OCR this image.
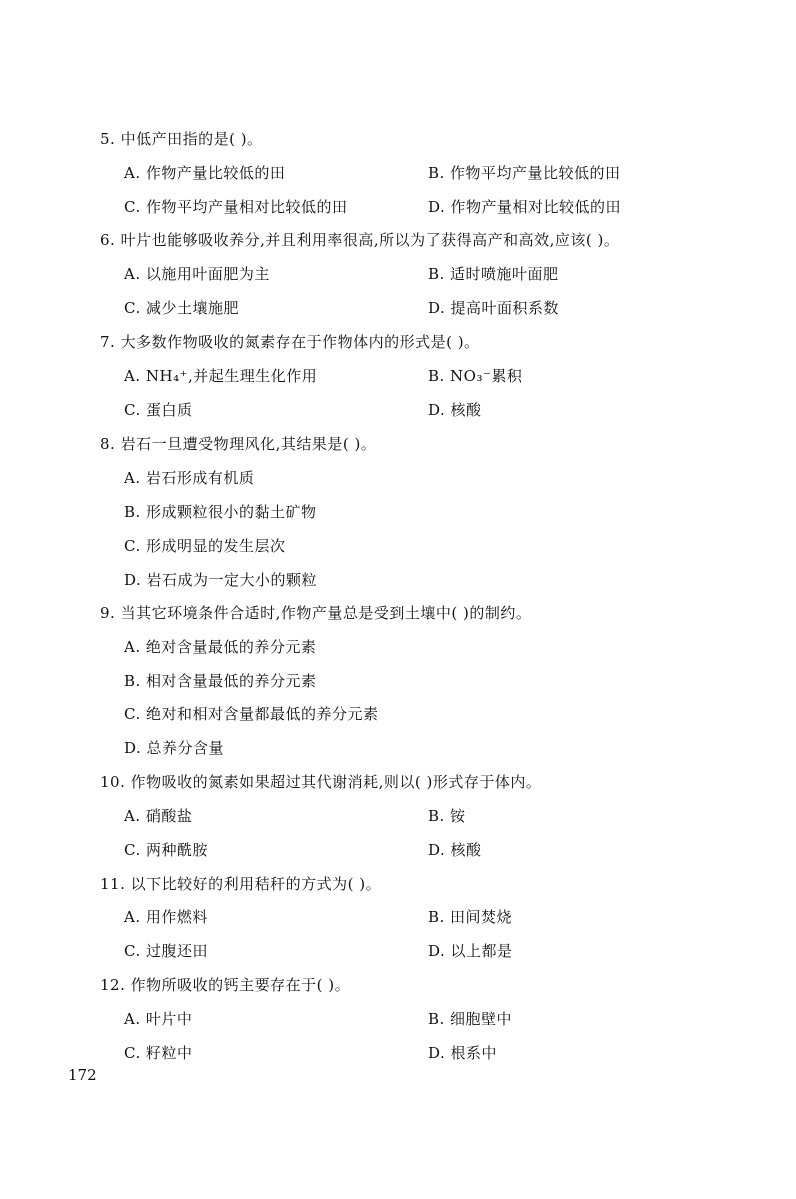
5. 中低产田指的是( )。
A. 作物产量比较低的田	B. 作物平均产量比较低的田
C. 作物平均产量相对比较低的田	D. 作物产量相对比较低的田
6. 叶片也能够吸收养分,并且利用率很高,所以为了获得高产和高效,应该( )。
A. 以施用叶面肥为主	B. 适时喷施叶面肥
C. 减少土壤施肥	D. 提高叶面积系数
7. 大多数作物吸收的氮素存在于作物体内的形式是( )。
A. NH₄⁺,并起生理生化作用	B. NO₃⁻累积
C. 蛋白质	D. 核酸
8. 岩石一旦遭受物理风化,其结果是( )。
A. 岩石形成有机质
B. 形成颗粒很小的黏土矿物
C. 形成明显的发生层次
D. 岩石成为一定大小的颗粒
9. 当其它环境条件合适时,作物产量总是受到土壤中( )的制约。
A. 绝对含量最低的养分元素
B. 相对含量最低的养分元素
C. 绝对和相对含量都最低的养分元素
D. 总养分含量
10. 作物吸收的氮素如果超过其代谢消耗,则以( )形式存于体内。
A. 硝酸盐	B. 铵
C. 两种酰胺	D. 核酸
11. 以下比较好的利用秸秆的方式为( )。
A. 用作燃料	B. 田间焚烧
C. 过腹还田	D. 以上都是
12. 作物所吸收的钙主要存在于( )。
A. 叶片中	B. 细胞壁中
C. 籽粒中	D. 根系中
172
